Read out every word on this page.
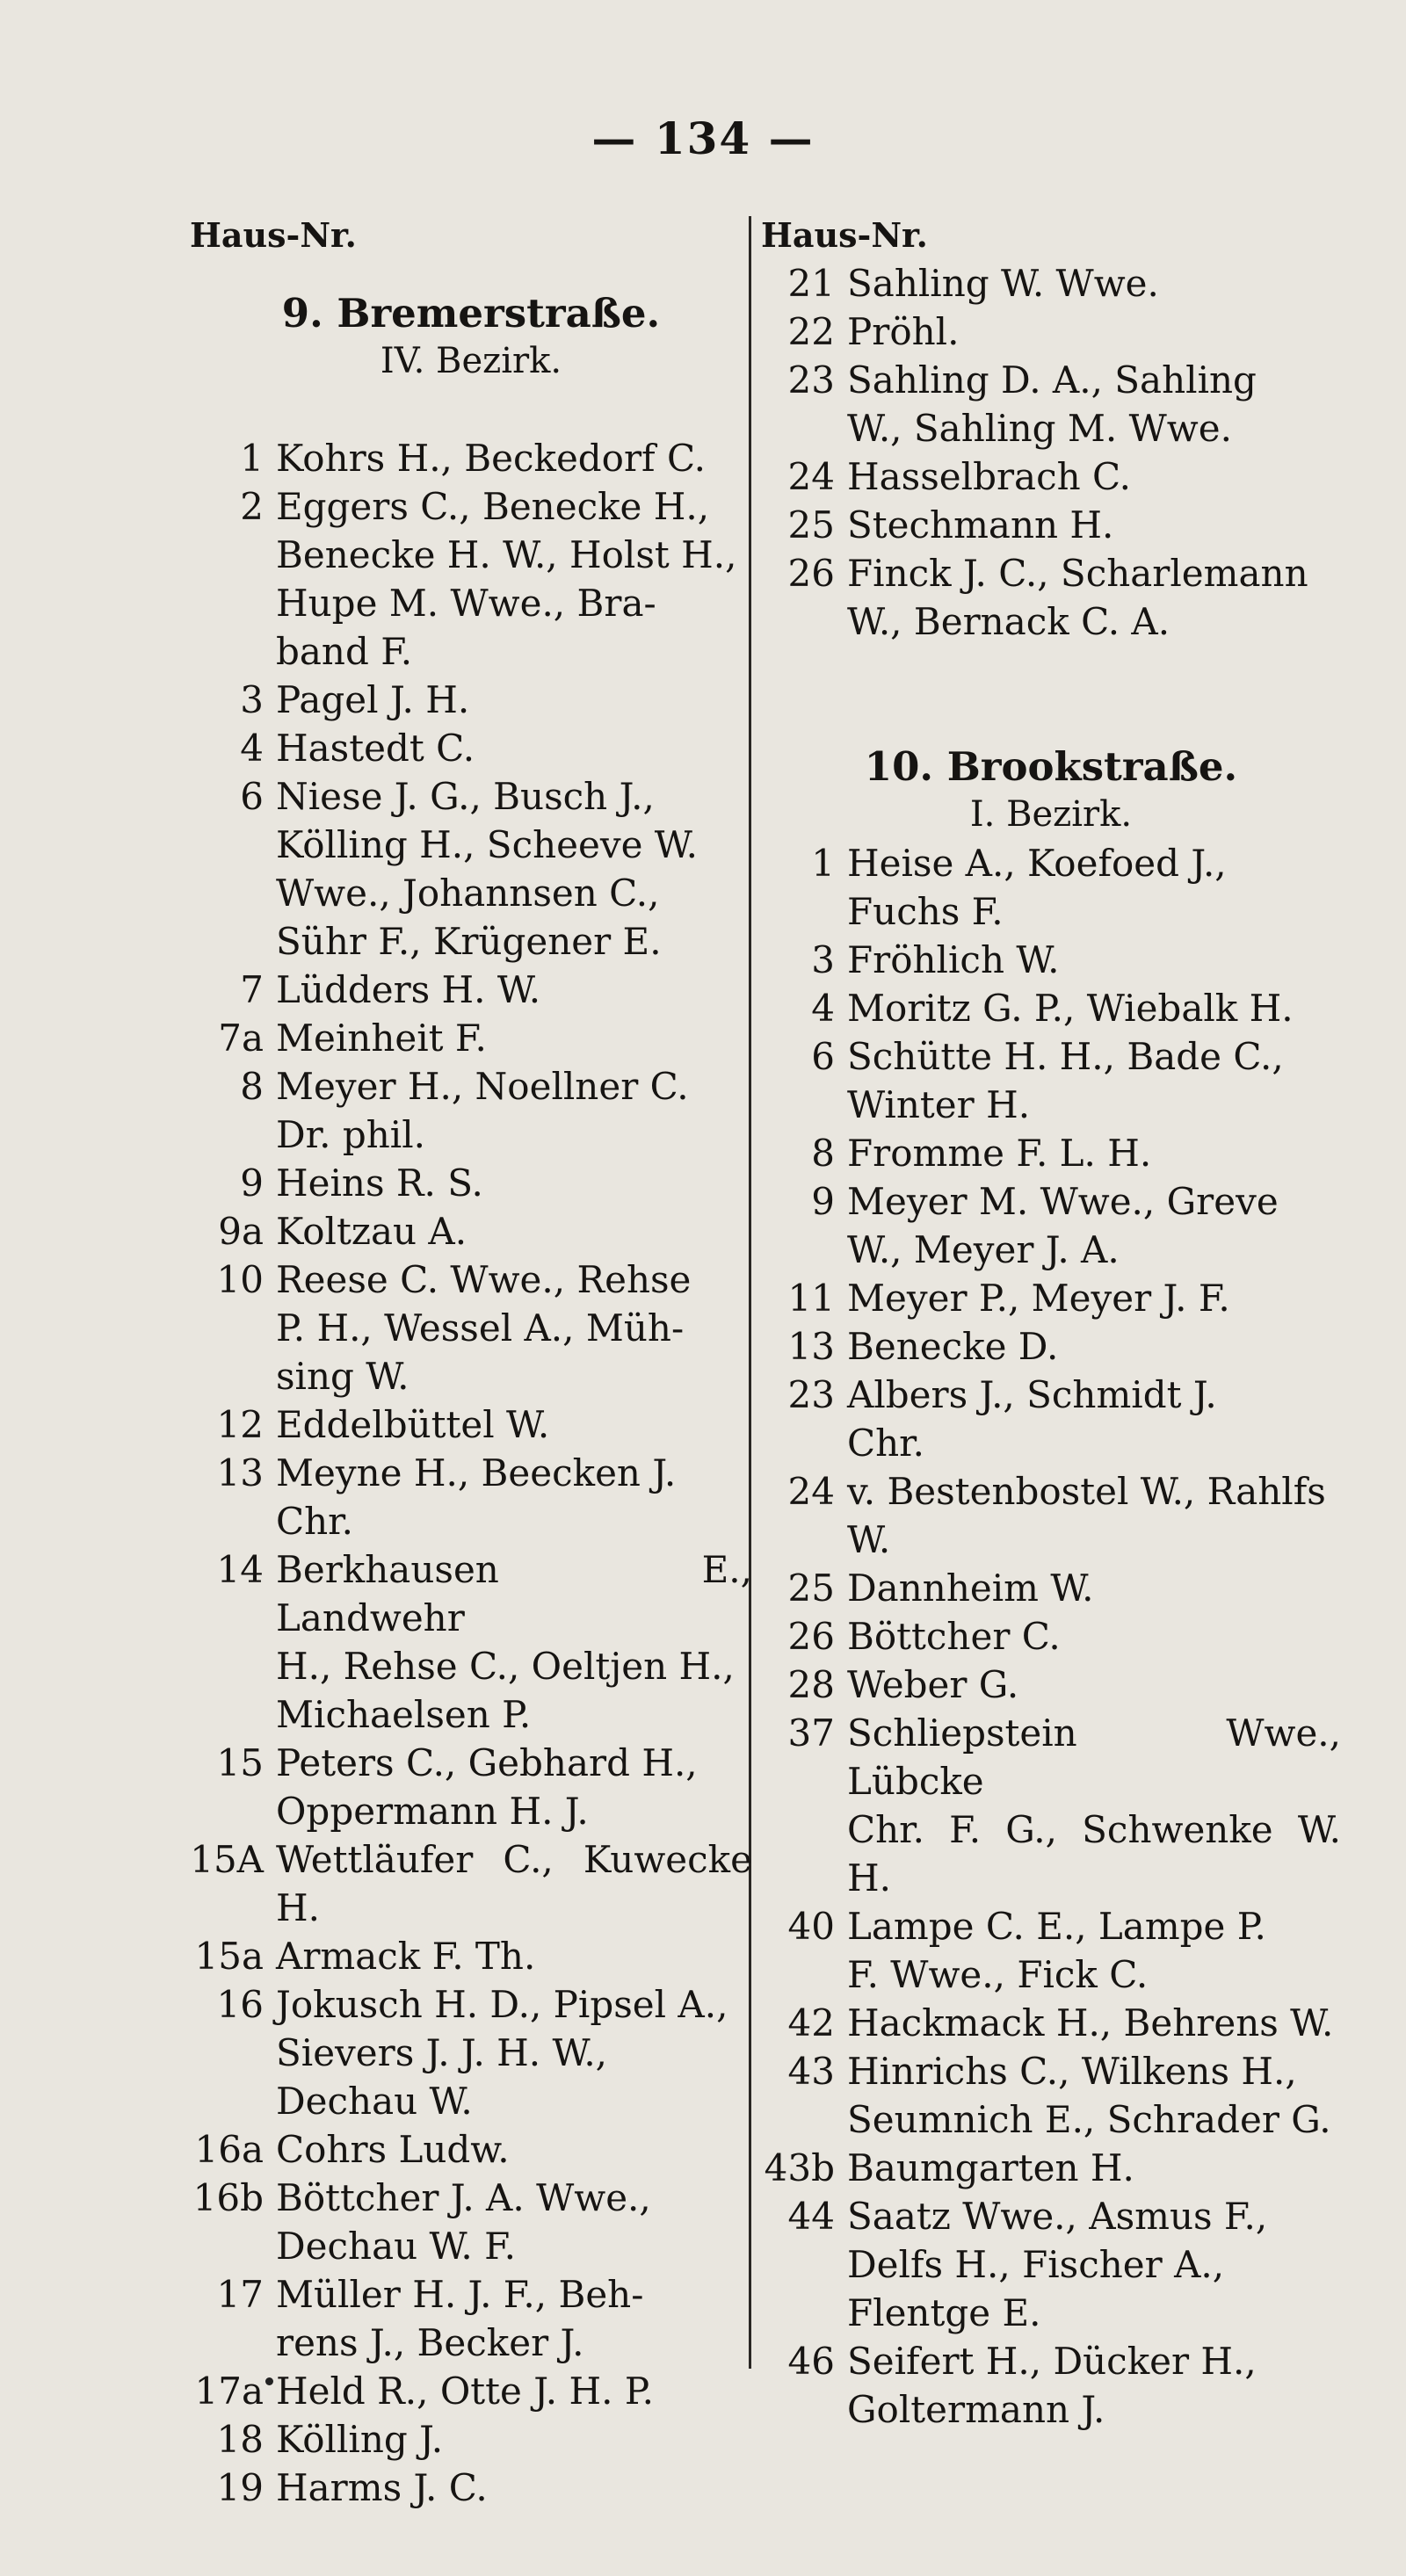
— 134 —
Haus-Nr.
9. Bremerstraße.
IV. Bezirk.
1 Kohrs H., Beckedorf C.
2 Eggers C., Benecke H.,
Benecke H. W., Holst H.,
Hupe M. Wwe., Bra-
band F.
3 Pagel J. H.
4 Hastedt C.
6 Niese J. G., Busch J.,
Kölling H., Scheeve W.
Wwe., Johannsen C.,
Sühr F., Krügener E.
7 Lüdders H. W.
7a Meinheit F.
8 Meyer H., Noellner C.
Dr. phil.
9 Heins R. S.
9a Koltzau A.
10 Reese C. Wwe., Rehse
P. H., Wessel A., Müh-
sing W.
12 Eddelbüttel W.
13 Meyne H., Beecken J.
Chr.
14 Berkhausen E., Landwehr
H., Rehse C., Oeltjen H.,
Michaelsen P.
15 Peters C., Gebhard H.,
Oppermann H. J.
15A Wettläufer C., Kuwecke H.
15a Armack F. Th.
16 Jokusch H. D., Pipsel A.,
Sievers J. J. H. W.,
Dechau W.
16a Cohrs Ludw.
16b Böttcher J. A. Wwe.,
Dechau W. F.
17 Müller H. J. F., Beh-
rens J., Becker J.
17a Held R., Otte J. H. P.
18 Kölling J.
19 Harms J. C.
Haus-Nr.
21 Sahling W. Wwe.
22 Pröhl.
23 Sahling D. A., Sahling
W., Sahling M. Wwe.
24 Hasselbrach C.
25 Stechmann H.
26 Finck J. C., Scharlemann
W., Bernack C. A.
10. Brookstraße.
I. Bezirk.
1 Heise A., Koefoed J.,
Fuchs F.
3 Fröhlich W.
4 Moritz G. P., Wiebalk H.
6 Schütte H. H., Bade C.,
Winter H.
8 Fromme F. L. H.
9 Meyer M. Wwe., Greve
W., Meyer J. A.
11 Meyer P., Meyer J. F.
13 Benecke D.
23 Albers J., Schmidt J.
Chr.
24 v. Bestenbostel W., Rahlfs
W.
25 Dannheim W.
26 Böttcher C.
28 Weber G.
37 Schliepstein Wwe., Lübcke
Chr. F. G., Schwenke W. H.
40 Lampe C. E., Lampe P.
F. Wwe., Fick C.
42 Hackmack H., Behrens W.
43 Hinrichs C., Wilkens H.,
Seumnich E., Schrader G.
43b Baumgarten H.
44 Saatz Wwe., Asmus F.,
Delfs H., Fischer A.,
Flentge E.
46 Seifert H., Dücker H.,
Goltermann J.
